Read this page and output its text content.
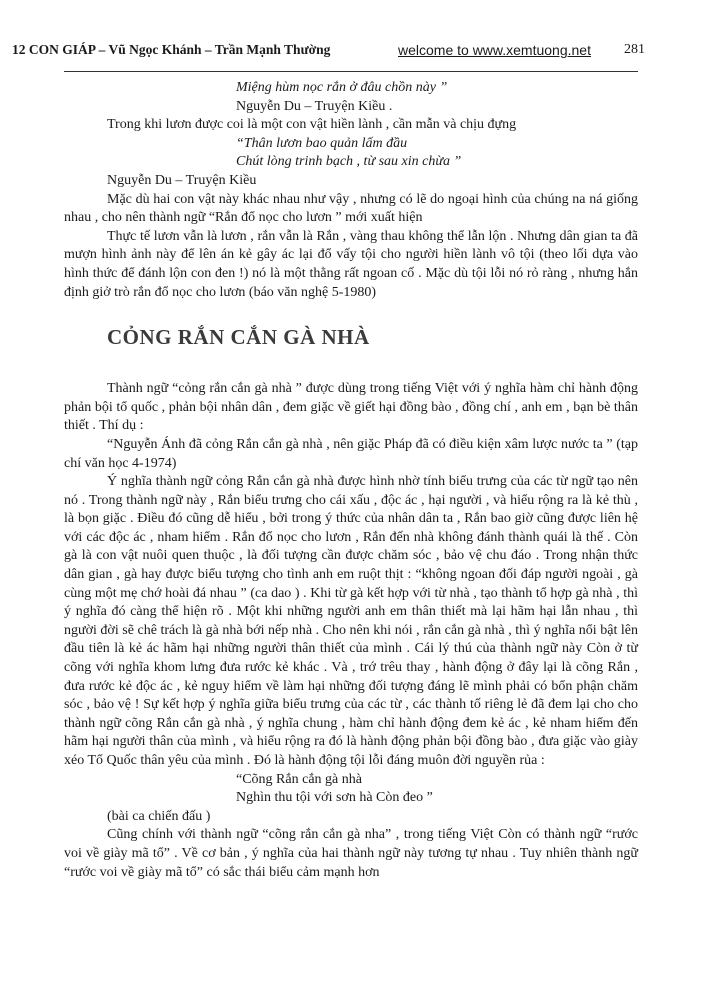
12 CON GIÁP – Vũ Ngọc Khánh – Trần Mạnh Thường	welcome to www.xemtuong.net 281

Miệng hùm nọc rắn ở đâu chồn này ”

Nguyễn Du – Truyện Kiều .

Trong khi lươn được coi là một con vật hiền lành , cần mẫn và chịu đựng

“Thân lươn bao quản lấm đầu

Chút lòng trinh bạch , từ sau xin chừa ”

Nguyễn Du – Truyện Kiều

Mặc dù hai con vật này khác nhau như vậy , nhưng có lẽ do ngoại hình của chúng na ná giống nhau , cho nên thành ngữ “Rắn đổ nọc cho lươn ” mới xuất hiện

Thực tế lươn vẫn là lươn , rắn vẫn là Rắn , vàng thau không thể lẫn lộn . Nhưng dân gian ta đã mượn hình ảnh này để lên án kẻ gây ác lại đổ vấy tội cho người hiền lành vô tội (theo lối dựa vào hình thức để đánh lộn con đen !) nó là một thằng rất ngoan cố . Mặc dù tội lỗi nó rỏ ràng , nhưng hắn định giở trò rắn đổ nọc cho lươn (báo văn nghệ 5-1980)

CỎNG RẮN CẮN GÀ NHÀ

Thành ngữ “cỏng rắn cắn gà nhà ” được dùng trong tiếng Việt với ý nghĩa hàm chỉ hành động phản bội tổ quốc , phản bội nhân dân , đem giặc về giết hại đồng bào , đồng chí , anh em , bạn bè thân thiết . Thí dụ :

“Nguyễn Ánh đã cỏng Rắn cắn gà nhà , nên giặc Pháp đã có điều kiện xâm lược nước ta ” (tạp chí văn học 4-1974)

Ý nghĩa thành ngữ cỏng Rắn cắn gà nhà được hình nhờ tính biểu trưng của các từ ngữ tạo nên nó . Trong thành ngữ này , Rắn biểu trưng cho cái xấu , độc ác , hại người , và hiểu rộng ra là kẻ thù , là bọn giặc . Điều đó cũng dễ hiểu , bởi trong ý thức của nhân dân ta , Rắn bao giờ cũng được liên hệ với các độc ác , nham hiểm . Rắn đổ nọc cho lươn , Rắn đến nhà không đánh thành quái là thế . Còn gà là con vật nuôi quen thuộc , là đối tượng cần được chăm sóc , bảo vệ chu đáo . Trong nhận thức dân gian , gà hay được biểu tượng cho tình anh em ruột thịt : “không ngoan đối đáp người ngoài , gà cùng một mẹ chớ hoài đá nhau ” (ca dao ) . Khi từ gà kết hợp với từ nhà , tạo thành tổ hợp gà nhà , thì ý nghĩa đó càng thể hiện rõ . Một khi những người anh em thân thiết mà lại hãm hại lẫn nhau , thì người đời sẽ chê trách là gà nhà bới nếp nhà . Cho nên khi nói , rắn cắn gà nhà , thì ý nghĩa nổi bật lên đầu tiên là kẻ ác hãm hại những người thân thiết của mình . Cái lý thú của thành ngữ này Còn ở từ cõng với nghĩa khom lưng đưa rước kẻ khác . Và , trớ trêu thay , hành động ở đây lại là cõng Rắn , đưa rước kẻ độc ác , kẻ nguy hiểm về làm hại những đối tượng đáng lẽ mình phải có bổn phận chăm sóc , bảo vệ ! Sự kết hợp ý nghĩa giữa biểu trưng của các từ , các thành tố riêng lẻ đã đem lại cho cho thành ngữ cõng Rắn cắn gà nhà , ý nghĩa chung , hàm chỉ hành động đem kẻ ác , kẻ nham hiểm đến hãm hại người thân của mình , và hiểu rộng ra đó là hành động phản bội đồng bào , đưa giặc vào giày xéo Tổ Quốc thân yêu của mình . Đó là hành động tội lỗi đáng muôn đời nguyền rủa :

“Cõng Rắn cắn gà nhà

Nghìn thu tội với sơn hà Còn đeo ”

(bài ca chiến đấu )

Cũng chính với thành ngữ “cõng rắn cắn gà nha” , trong tiếng Việt Còn có thành ngữ “rước voi về giày mã tổ” . Về cơ bản , ý nghĩa của hai thành ngữ này tương tự nhau . Tuy nhiên thành ngữ “rước voi về giày mã tổ” có sắc thái biểu cảm mạnh hơn
